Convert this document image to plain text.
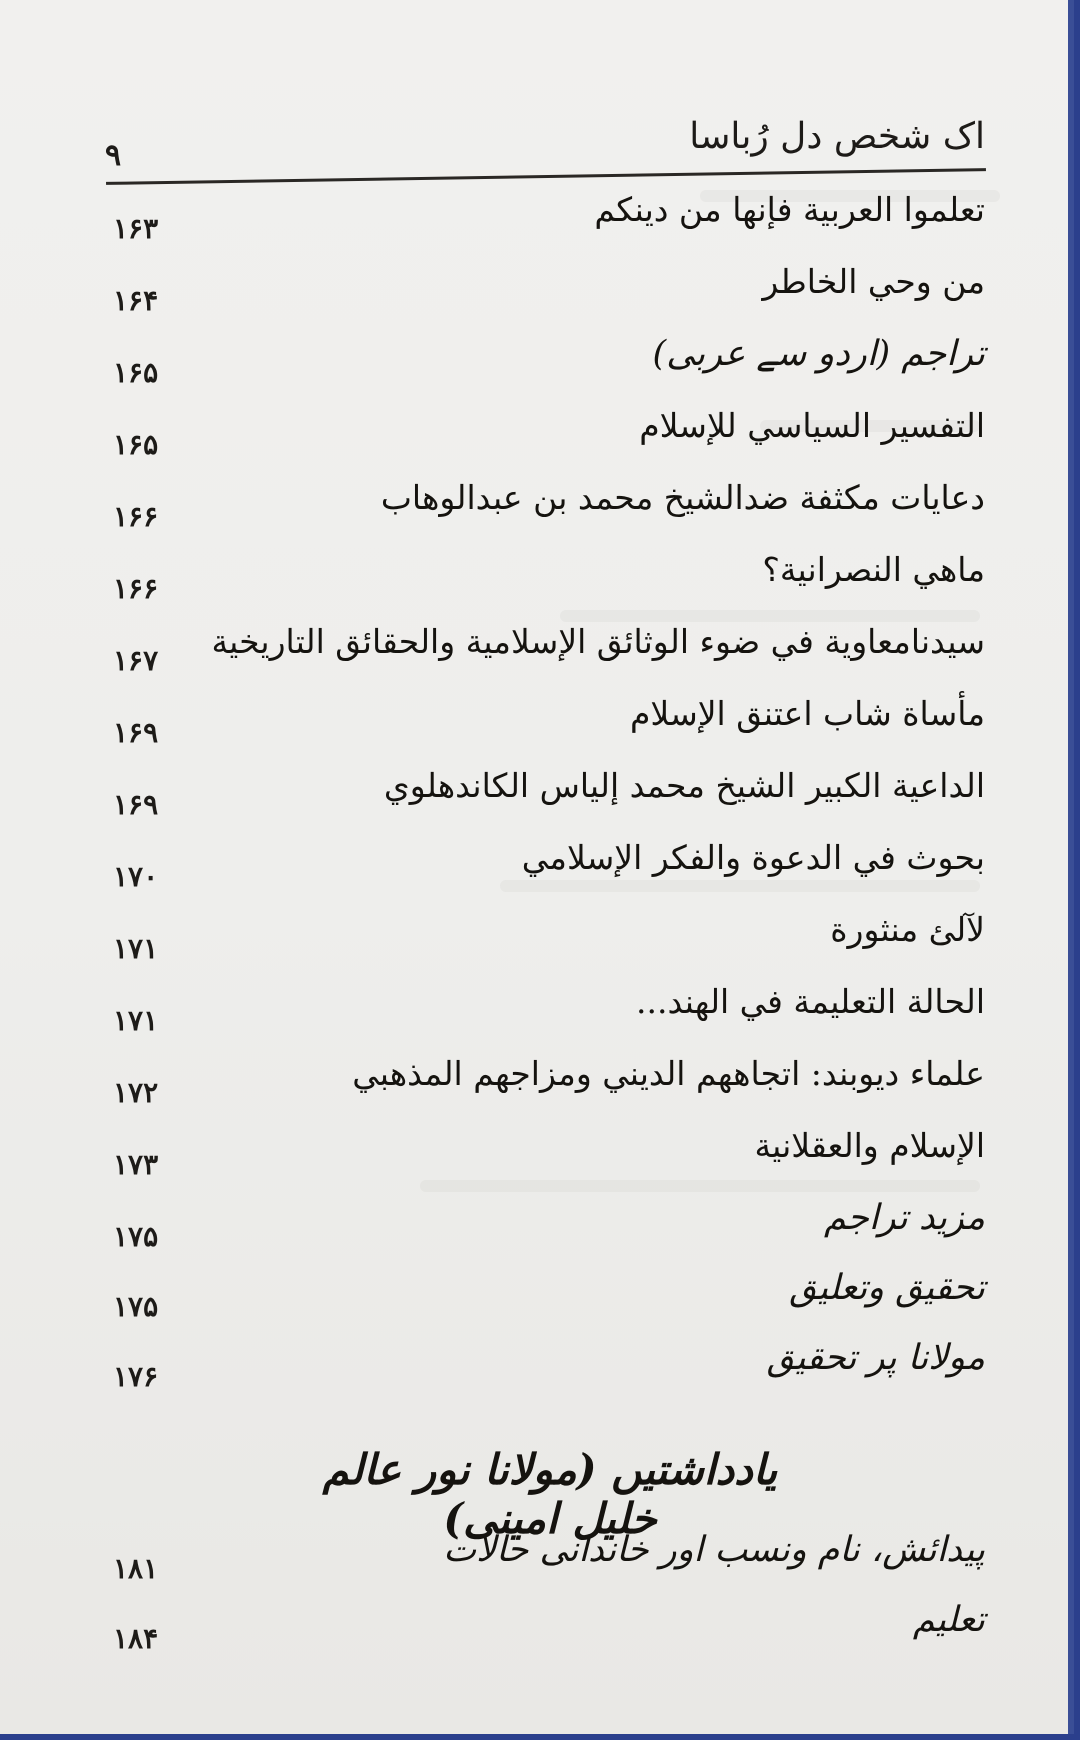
اک شخص دل رُباسا
۹
تعلموا العربية فإنها من دينكم
۱۶۳
من وحي الخاطر
۱۶۴
تراجم (اردو سے عربی)
۱۶۵
التفسير السياسي للإسلام
۱۶۵
دعايات مكثفة ضدالشيخ محمد بن عبدالوهاب
۱۶۶
ماهي النصرانية؟
۱۶۶
سيدنامعاوية في ضوء الوثائق الإسلامية والحقائق التاريخية
۱۶۷
مأساة شاب اعتنق الإسلام
۱۶۹
الداعية الكبير الشيخ محمد إلياس الكاندهلوي
۱۶۹
بحوث في الدعوة والفكر الإسلامي
۱۷۰
لآلئ منثورة
۱۷۱
الحالة التعليمة في الهند...
۱۷۱
علماء ديوبند: اتجاههم الديني ومزاجهم المذهبي
۱۷۲
الإسلام والعقلانية
۱۷۳
مزید تراجم
۱۷۵
تحقیق وتعلیق
۱۷۵
مولانا پر تحقیق
۱۷۶
یادداشتیں (مولانا نور عالم خلیل امینی)
پیدائش، نام ونسب اور خاندانی حالات
۱۸۱
تعلیم
۱۸۴
